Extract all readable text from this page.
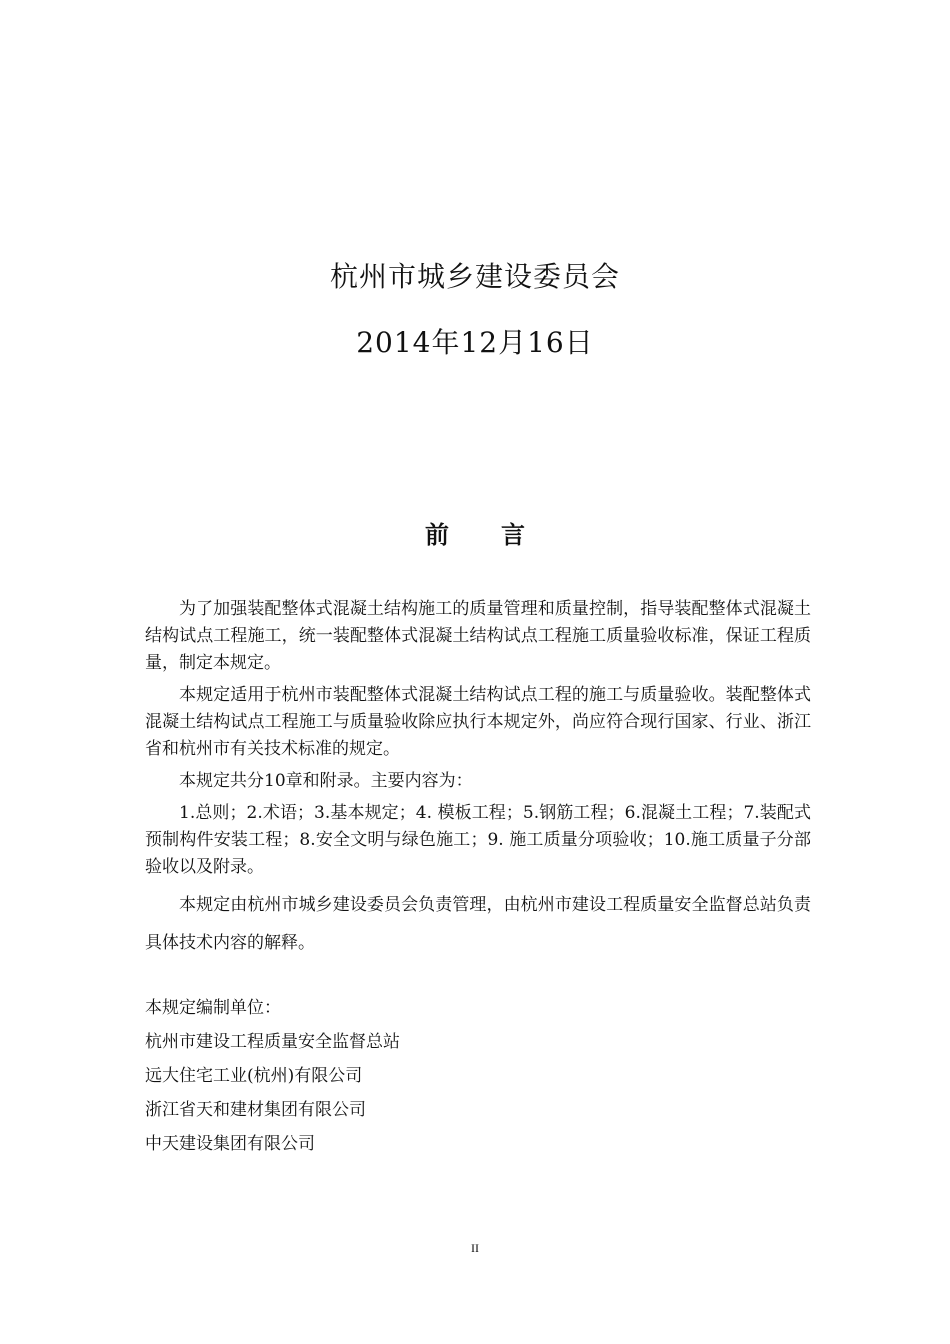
杭州市城乡建设委员会
2014年12月16日
前言
为了加强装配整体式混凝土结构施工的质量管理和质量控制，指导装配整体式混凝土结构试点工程施工，统一装配整体式混凝土结构试点工程施工质量验收标准，保证工程质量，制定本规定。
本规定适用于杭州市装配整体式混凝土结构试点工程的施工与质量验收。装配整体式混凝土结构试点工程施工与质量验收除应执行本规定外，尚应符合现行国家、行业、浙江省和杭州市有关技术标准的规定。
本规定共分10章和附录。主要内容为：
1.总则；2.术语；3.基本规定；4. 模板工程；5.钢筋工程；6.混凝土工程；7.装配式预制构件安装工程；8.安全文明与绿色施工；9. 施工质量分项验收；10.施工质量子分部验收以及附录。
本规定由杭州市城乡建设委员会负责管理，由杭州市建设工程质量安全监督总站负责具体技术内容的解释。
本规定编制单位：
杭州市建设工程质量安全监督总站
远大住宅工业(杭州)有限公司
浙江省天和建材集团有限公司
中天建设集团有限公司
II
